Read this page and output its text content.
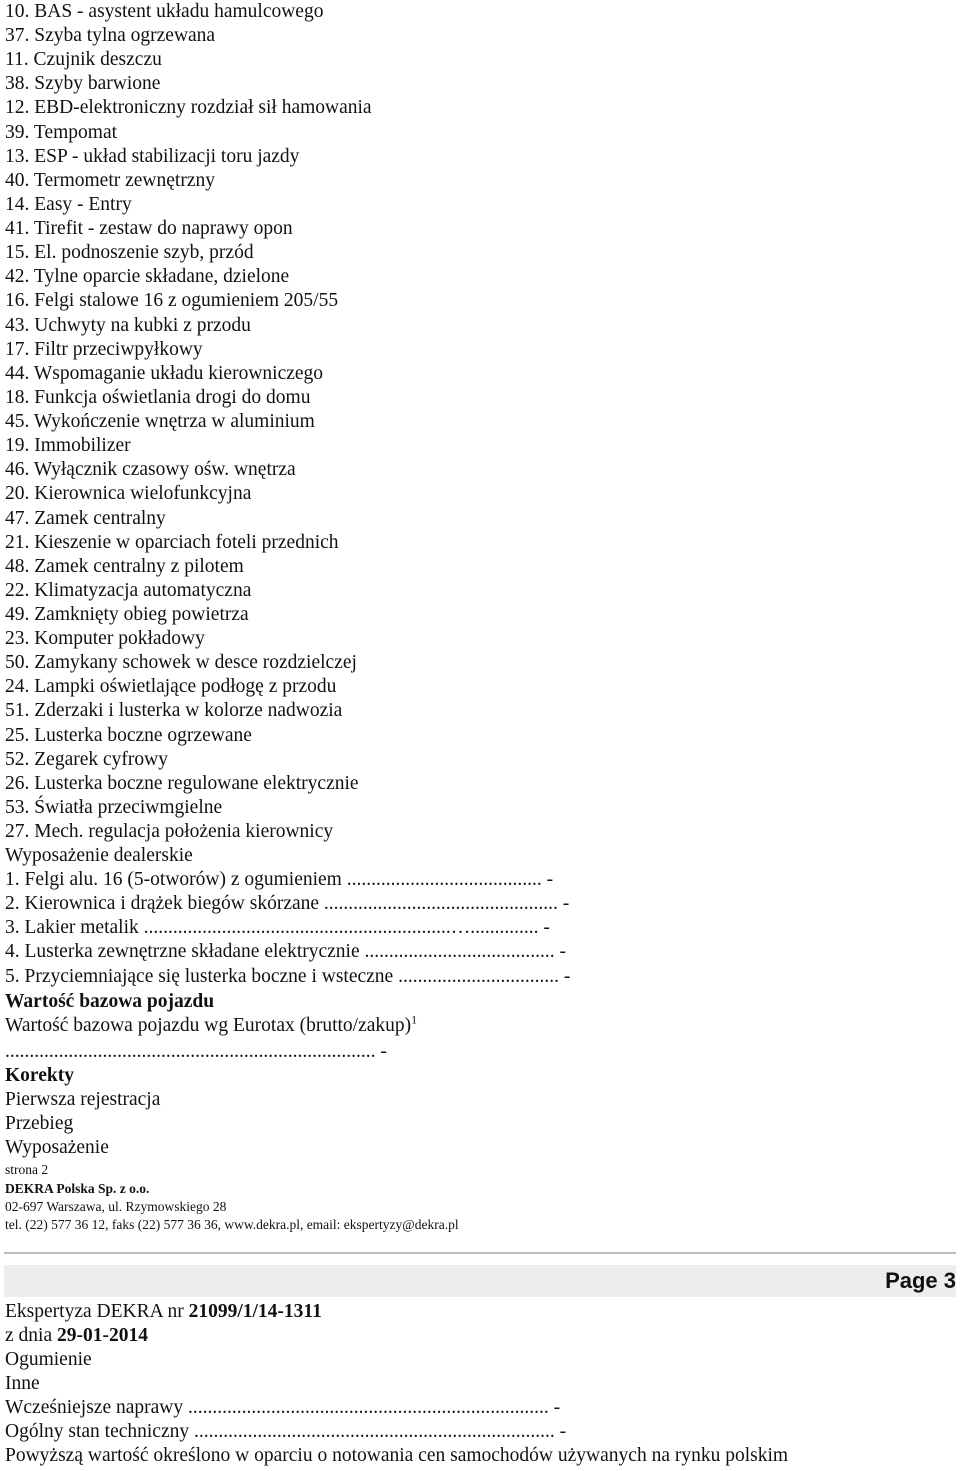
10. BAS - asystent układu hamulcowego
37. Szyba tylna ogrzewana
11. Czujnik deszczu
38. Szyby barwione
12. EBD-elektroniczny rozdział sił hamowania
39. Tempomat
13. ESP - układ stabilizacji toru jazdy
40. Termometr zewnętrzny
14. Easy - Entry
41. Tirefit - zestaw do naprawy opon
15. El. podnoszenie szyb, przód
42. Tylne oparcie składane, dzielone
16. Felgi stalowe 16 z ogumieniem 205/55
43. Uchwyty na kubki z przodu
17. Filtr przeciwpyłkowy
44. Wspomaganie układu kierowniczego
18. Funkcja oświetlania drogi do domu
45. Wykończenie wnętrza w aluminium
19. Immobilizer
46. Wyłącznik czasowy ośw. wnętrza
20. Kierownica wielofunkcyjna
47. Zamek centralny
21. Kieszenie w oparciach foteli przednich
48. Zamek centralny z pilotem
22. Klimatyzacja automatyczna
49. Zamknięty obieg powietrza
23. Komputer pokładowy
50. Zamykany schowek w desce rozdzielczej
24. Lampki oświetlające podłogę z przodu
51. Zderzaki i lusterka w kolorze nadwozia
25. Lusterka boczne ogrzewane
52. Zegarek cyfrowy
26. Lusterka boczne regulowane elektrycznie
53. Światła przeciwmgielne
27. Mech. regulacja położenia kierownicy
Wyposażenie dealerskie
1. Felgi alu. 16 (5-otworów) z ogumieniem ........................................ -
2. Kierownica i drążek biegów skórzane ................................................ -
3. Lakier metalik ...............................................................….............. -
4. Lusterka zewnętrzne składane elektrycznie ....................................... -
5. Przyciemniające się lusterka boczne i wsteczne ................................. -
Wartość bazowa pojazdu
Wartość bazowa pojazdu wg Eurotax (brutto/zakup)$^1$
............................................................................ -
Korekty
Pierwsza rejestracja
Przebieg
Wyposażenie
strona 2
DEKRA Polska Sp. z o.o.
02-697 Warszawa, ul. Rzymowskiego 28
tel. (22) 577 36 12, faks (22) 577 36 36, www.dekra.pl, email: ekspertyzy@dekra.pl
Page 3
Ekspertyza DEKRA nr 21099/1/14-1311
z dnia 29-01-2014
Ogumienie
Inne
Wcześniejsze naprawy .......................................................................... -
Ogólny stan techniczny .......................................................................... -
Powyższą wartość określono w oparciu o notowania cen samochodów używanych na rynku polskim
